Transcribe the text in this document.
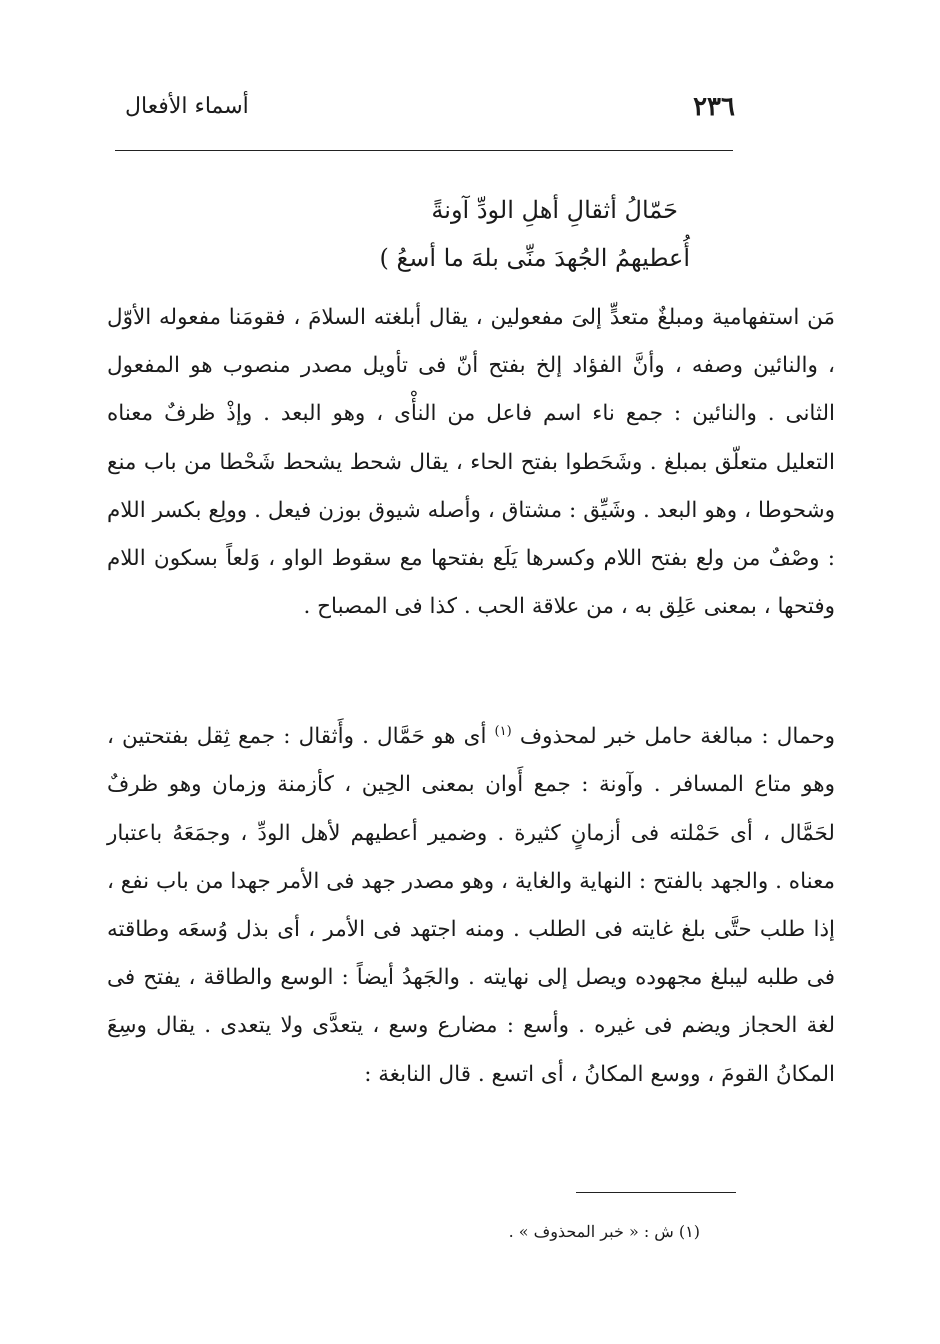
٢٣٦
أسماء الأفعال
حَمّالُ أثقالِ أهلِ الودِّ آونةً
أُعطيهمُ الجُهدَ منِّى بلهَ ما أسعُ )

مَن استفهامية ومبلغٌ متعدٍّ إلىَ مفعولين ، يقال أبلغته السلامَ ، فقومَنا مفعوله الأوّل ، والنائين وصفه ، وأنَّ الفؤاد إلخ بفتح أنّ فى تأويل مصدر منصوب هو المفعول الثانى . والنائين : جمع ناء اسم فاعل من النأْى ، وهو البعد . وإذْ ظرفٌ معناه التعليل متعلّق بمبلغ . وشَحَطوا بفتح الحاء ، يقال شحط يشحط شَحْطا من باب منع وشحوطا ، وهو البعد . وشَيِّق : مشتاق ، وأصله شيوق بوزن فيعل . وولِع بكسر اللام : وصْفٌ من ولع بفتح اللام وكسرها يَلَع بفتحها مع سقوط الواو ، وَلعاً بسكون اللام وفتحها ، بمعنى عَلِق به ، من علاقة الحب . كذا فى المصباح .

وحمال : مبالغة حامل خبر لمحذوف $^{(١)}$ أى هو حَمَّال . وأَثقال : جمع ثِقل بفتحتين ، وهو متاع المسافر . وآونة : جمع أَوان بمعنى الحِين ، كأزمنة وزمان وهو ظرفٌ لحَمَّال ، أى حَمْلته فى أزمانٍ كثيرة . وضمير أعطيهم لأهل الودِّ ، وجمَعَهُ باعتبار معناه . والجهد بالفتح : النهاية والغاية ، وهو مصدر جهد فى الأمر جهدا من باب نفع ، إذا طلب حتَّى بلغ غايته فى الطلب . ومنه اجتهد فى الأمر ، أى بذل وُسعَه وطاقته فى طلبه ليبلغ مجهوده ويصل إلى نهايته . والجَهدُ أيضاً : الوسع والطاقة ، يفتح فى لغة الحجاز ويضم فى غيره . وأسع : مضارع وسع ، يتعدَّى ولا يتعدى . يقال وسِعَ المكانُ القومَ ، ووسع المكانُ ، أى اتسع . قال النابغة :

(١) ش : « خبر المحذوف » .
